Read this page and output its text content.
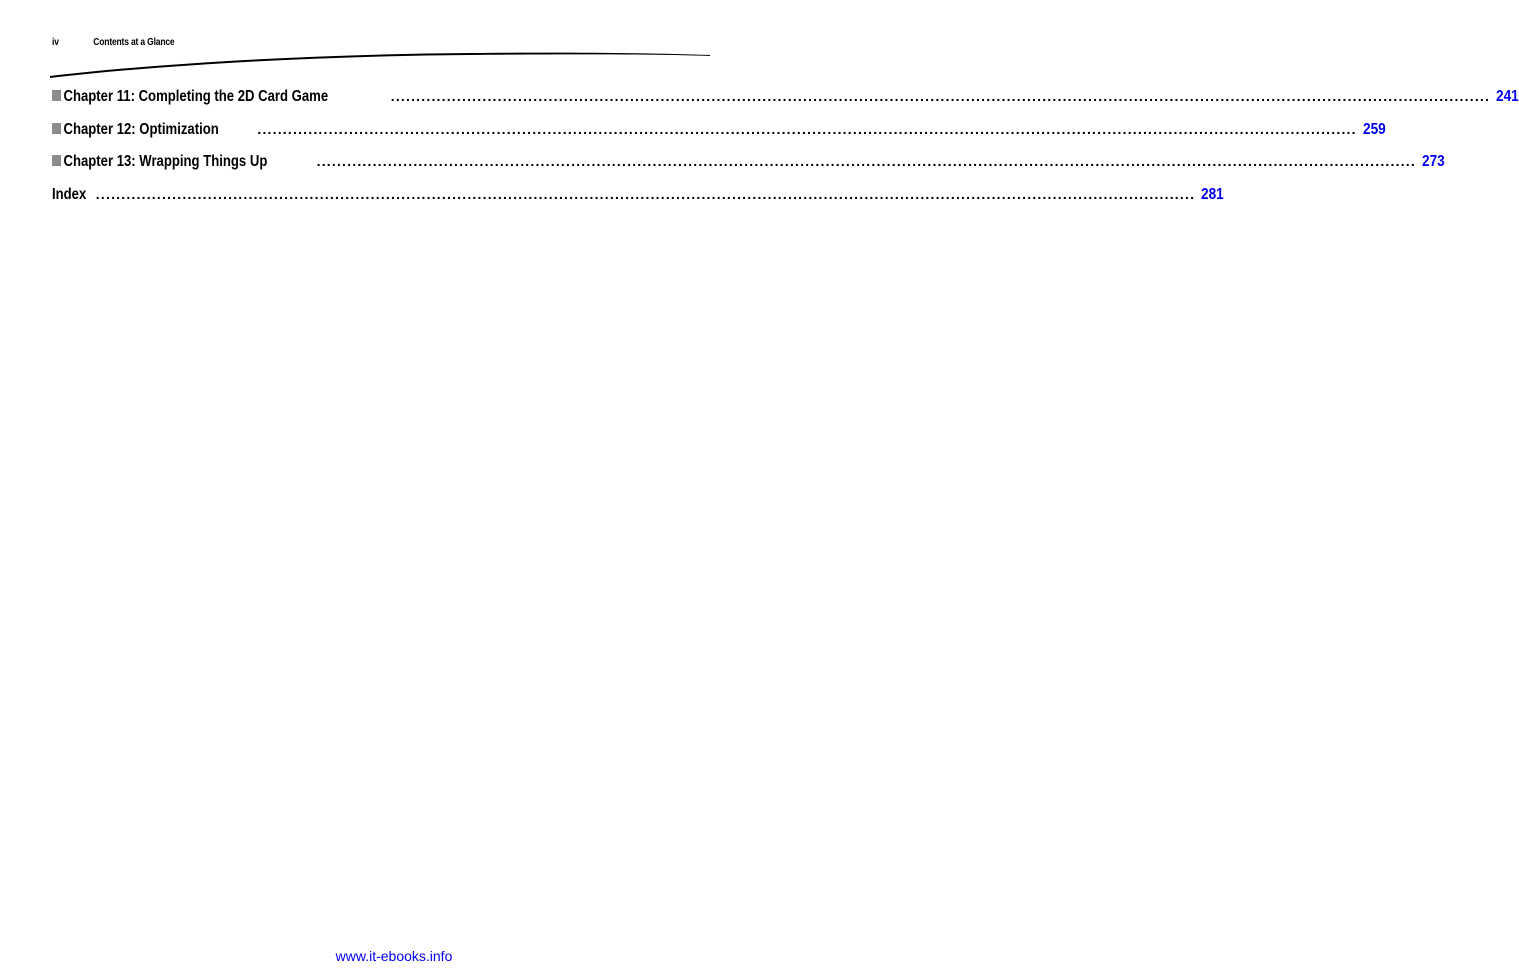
iv	Contents at a Glance
Chapter 11: Completing the 2D Card Game	........................................................................................................................................................................................................................ 241
Chapter 12: Optimization	........................................................................................................................................................................................................................ 259
Chapter 13: Wrapping Things Up	........................................................................................................................................................................................................................ 273
Index ........................................................................................................................................................................................................................ 281
www.it-ebooks.info
